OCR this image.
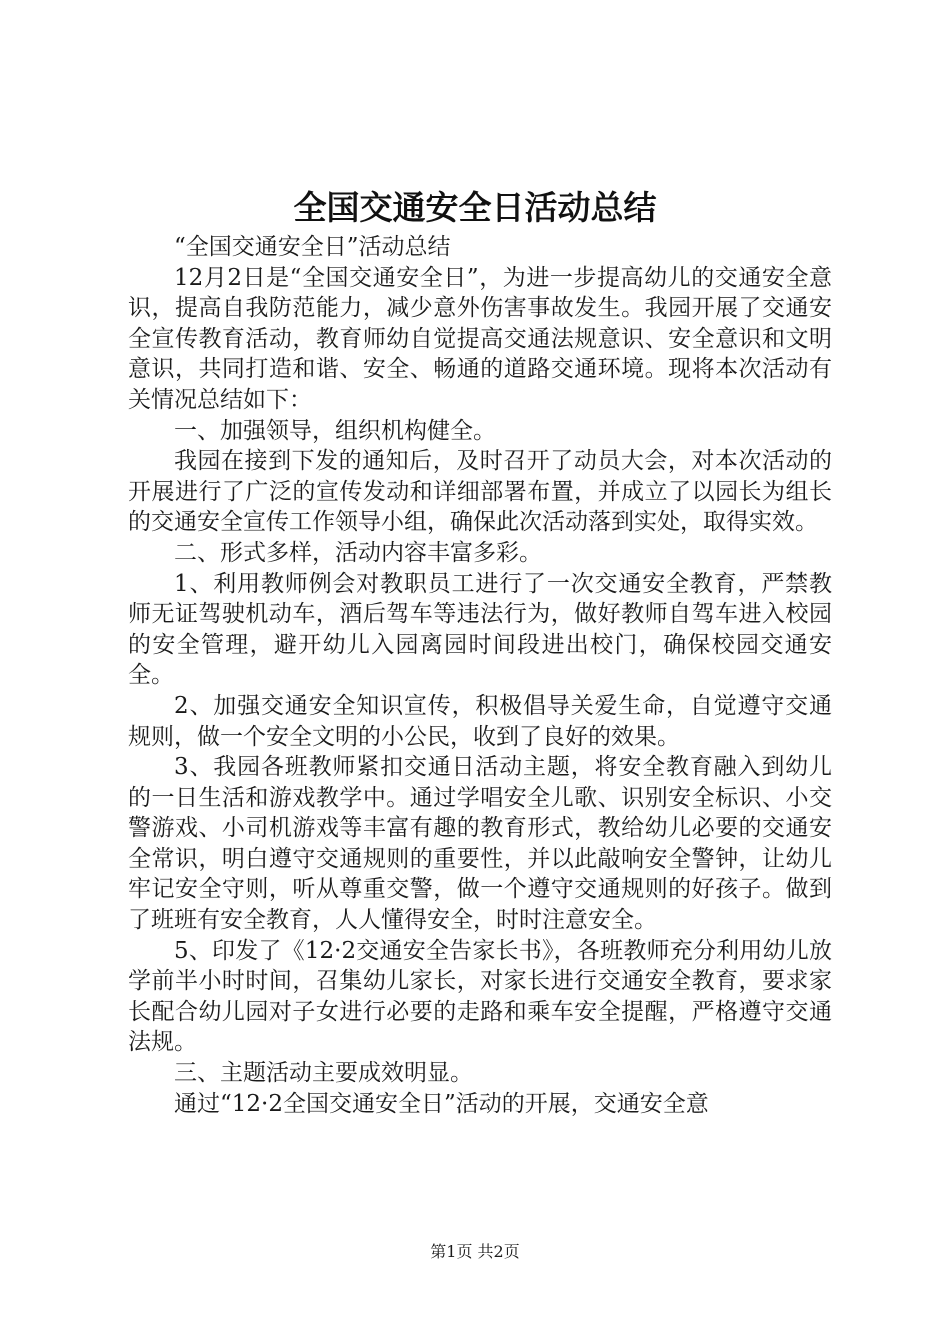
全国交通安全日活动总结

“全国交通安全日”活动总结

12月2日是“全国交通安全日”，为进一步提高幼儿的交通安全意识，提高自我防范能力，减少意外伤害事故发生。我园开展了交通安全宣传教育活动，教育师幼自觉提高交通法规意识、安全意识和文明意识，共同打造和谐、安全、畅通的道路交通环境。现将本次活动有关情况总结如下：

一、加强领导，组织机构健全。

我园在接到下发的通知后，及时召开了动员大会，对本次活动的开展进行了广泛的宣传发动和详细部署布置，并成立了以园长为组长的交通安全宣传工作领导小组，确保此次活动落到实处，取得实效。

二、形式多样，活动内容丰富多彩。

1、利用教师例会对教职员工进行了一次交通安全教育，严禁教师无证驾驶机动车，酒后驾车等违法行为，做好教师自驾车进入校园的安全管理，避开幼儿入园离园时间段进出校门，确保校园交通安全。

2、加强交通安全知识宣传，积极倡导关爱生命，自觉遵守交通规则，做一个安全文明的小公民，收到了良好的效果。

3、我园各班教师紧扣交通日活动主题，将安全教育融入到幼儿的一日生活和游戏教学中。通过学唱安全儿歌、识别安全标识、小交警游戏、小司机游戏等丰富有趣的教育形式，教给幼儿必要的交通安全常识，明白遵守交通规则的重要性，并以此敲响安全警钟，让幼儿牢记安全守则，听从尊重交警，做一个遵守交通规则的好孩子。做到了班班有安全教育，人人懂得安全，时时注意安全。

5、印发了《12·2交通安全告家长书》，各班教师充分利用幼儿放学前半小时时间，召集幼儿家长，对家长进行交通安全教育，要求家长配合幼儿园对子女进行必要的走路和乘车安全提醒，严格遵守交通法规。

三、主题活动主要成效明显。

通过“12·2全国交通安全日”活动的开展，交通安全意

第1页 共2页
